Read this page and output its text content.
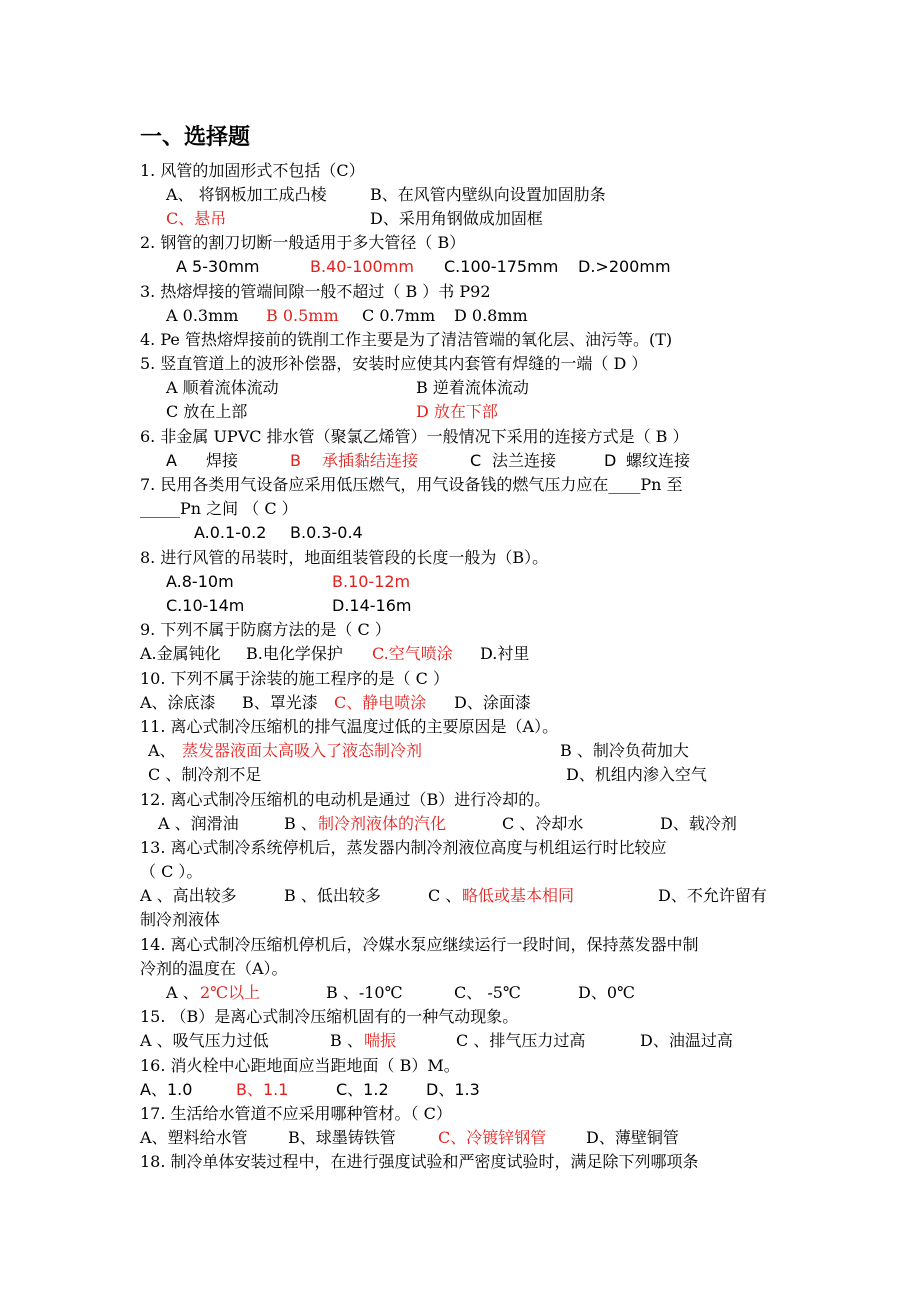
一、选择题
1. 风管的加固形式不包括（C）
A、 将钢板加工成凸棱	B、在风管内壁纵向设置加固肋条
C、悬吊	D、采用角钢做成加固框
2. 钢管的割刀切断一般适用于多大管径（ B）
A 5-30mm	B.40-100mm C.100-175mm D.>200mm
3. 热熔焊接的管端间隙一般不超过（ B ）书 P92
A 0.3mm B 0.5mm C 0.7mm D 0.8mm
4. Pe 管热熔焊接前的铣削工作主要是为了清洁管端的氧化层、油污等。(T)
5. 竖直管道上的波形补偿器，安装时应使其内套管有焊缝的一端（ D ）
A 顺着流体流动	B 逆着流体流动
C 放在上部	D 放在下部
6. 非金属 UPVC 排水管（聚氯乙烯管）一般情况下采用的连接方式是（ B ）
A 焊接	B 承插黏结连接	C 法兰连接	D 螺纹连接
7. 民用各类用气设备应采用低压燃气，用气设备钱的燃气压力应在____Pn 至
_____Pn 之间 （ C ）
A.0.1-0.2 B.0.3-0.4
8. 进行风管的吊装时，地面组装管段的长度一般为（B）。
A.8-10m	B.10-12m
C.10-14m	D.14-16m
9. 下列不属于防腐方法的是（ C ）
A.金属钝化 B.电化学保护 C.空气喷涂 D.衬里
10. 下列不属于涂装的施工程序的是（ C ）
A、涂底漆 B、罩光漆 C、静电喷涂 D、涂面漆
11. 离心式制冷压缩机的排气温度过低的主要原因是（A）。
A、 蒸发器液面太高吸入了液态制冷剂	B 、制冷负荷加大
C 、制冷剂不足	D、机组内渗入空气
12. 离心式制冷压缩机的电动机是通过（B）进行冷却的。
A 、润滑油	B 、 制冷剂液体的汽化	C 、冷却水	D、载冷剂
13. 离心式制冷系统停机后，蒸发器内制冷剂液位高度与机组运行时比较应
（ C ）。
A 、高出较多	B 、低出较多	C 、 略低或基本相同	D、不允许留有
制冷剂液体
14. 离心式制冷压缩机停机后，冷媒水泵应继续运行一段时间，保持蒸发器中制
冷剂的温度在（A）。
A 、 2℃以上	B 、-10℃	C、 -5℃	D、0℃
15. （B）是离心式制冷压缩机固有的一种气动现象。
A 、吸气压力过低	B 、 喘振	C 、排气压力过高	D、油温过高
16. 消火栓中心距地面应当距地面（ B）M。
A、1.0	B、1.1	C、1.2 D、1.3
17. 生活给水管道不应采用哪种管材。（ C）
A、塑料给水管	B、球墨铸铁管	C、冷镀锌钢管 D、薄壁铜管
18. 制冷单体安装过程中，在进行强度试验和严密度试验时，满足除下列哪项条
